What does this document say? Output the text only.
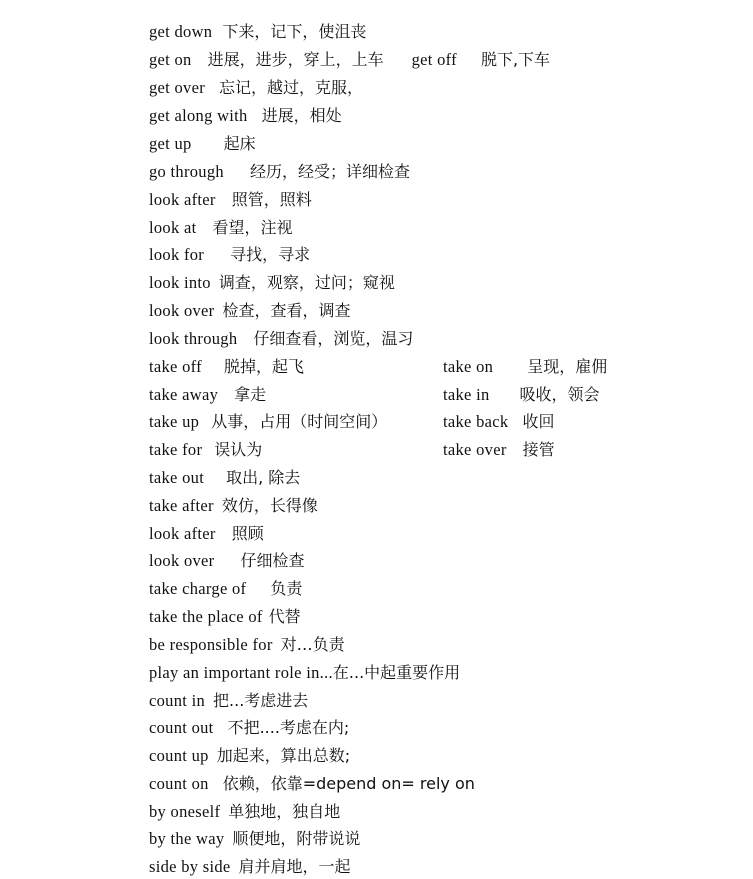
get down 下来，记下，使沮丧
get on 进展，进步，穿上，上车 get off 脱下,下车
get over 忘记，越过，克服，
get along with 进展，相处
get up 起床
go through 经历，经受；详细检查
look after 照管，照料
look at 看望，注视
look for 寻找，寻求
look into 调查，观察，过问；窥视
look over 检查，查看，调查
look through 仔细查看，浏览，温习
take off 脱掉，起飞
take away 拿走
take up 从事，占用（时间空间）
take for 误认为
take out 取出, 除去
take after 效仿，长得像
look after 照顾
look over 仔细检查
take charge of 负责
take the place of 代替
be responsible for 对…负责
play an important role in...在...中起重要作用
count in 把...考虑进去
count out 不把....考虑在内;
count up 加起来，算出总数;
count on 依赖，依靠=depend on= rely on
by oneself 单独地，独自地
by the way 顺便地，附带说说
side by side 肩并肩地，一起
take on 呈现，雇佣
take in 吸收，领会
take back 收回
take over 接管
